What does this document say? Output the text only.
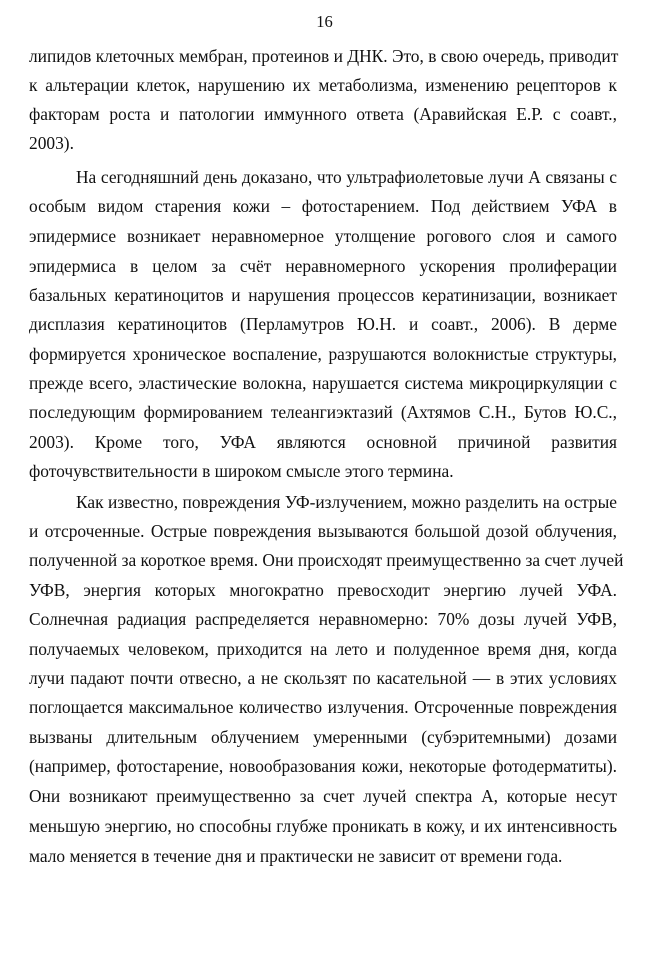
16
липидов клеточных мембран, протеинов и ДНК. Это, в свою очередь, приводит
к альтерации клеток, нарушению их метаболизма, изменению рецепторов к
факторам роста и патологии иммунного ответа (Аравийская Е.Р. с соавт.,
2003).
На сегодняшний день доказано, что ультрафиолетовые лучи А связаны с
особым видом старения кожи – фотостарением. Под действием УФА в
эпидермисе возникает неравномерное утолщение рогового слоя и самого
эпидермиса в целом за счёт неравномерного ускорения пролиферации
базальных кератиноцитов и нарушения процессов кератинизации, возникает
дисплазия кератиноцитов (Перламутров Ю.Н. и соавт., 2006). В дерме
формируется хроническое воспаление, разрушаются волокнистые структуры,
прежде всего, эластические волокна, нарушается система микроциркуляции с
последующим формированием телеангиэктазий (Ахтямов С.Н., Бутов Ю.С.,
2003). Кроме того, УФА являются основной причиной развития
фоточувствительности в широком смысле этого термина.
Как известно, повреждения УФ-излучением, можно разделить на острые
и отсроченные. Острые повреждения вызываются большой дозой облучения,
полученной за короткое время. Они происходят преимущественно за счет лучей
УФВ, энергия которых многократно превосходит энергию лучей УФА.
Солнечная радиация распределяется неравномерно: 70% дозы лучей УФВ,
получаемых человеком, приходится на лето и полуденное время дня, когда
лучи падают почти отвесно, а не скользят по касательной — в этих условиях
поглощается максимальное количество излучения. Отсроченные повреждения
вызваны длительным облучением умеренными (субэритемными) дозами
(например, фотостарение, новообразования кожи, некоторые фотодерматиты).
Они возникают преимущественно за счет лучей спектра А, которые несут
меньшую энергию, но способны глубже проникать в кожу, и их интенсивность
мало меняется в течение дня и практически не зависит от времени года.
